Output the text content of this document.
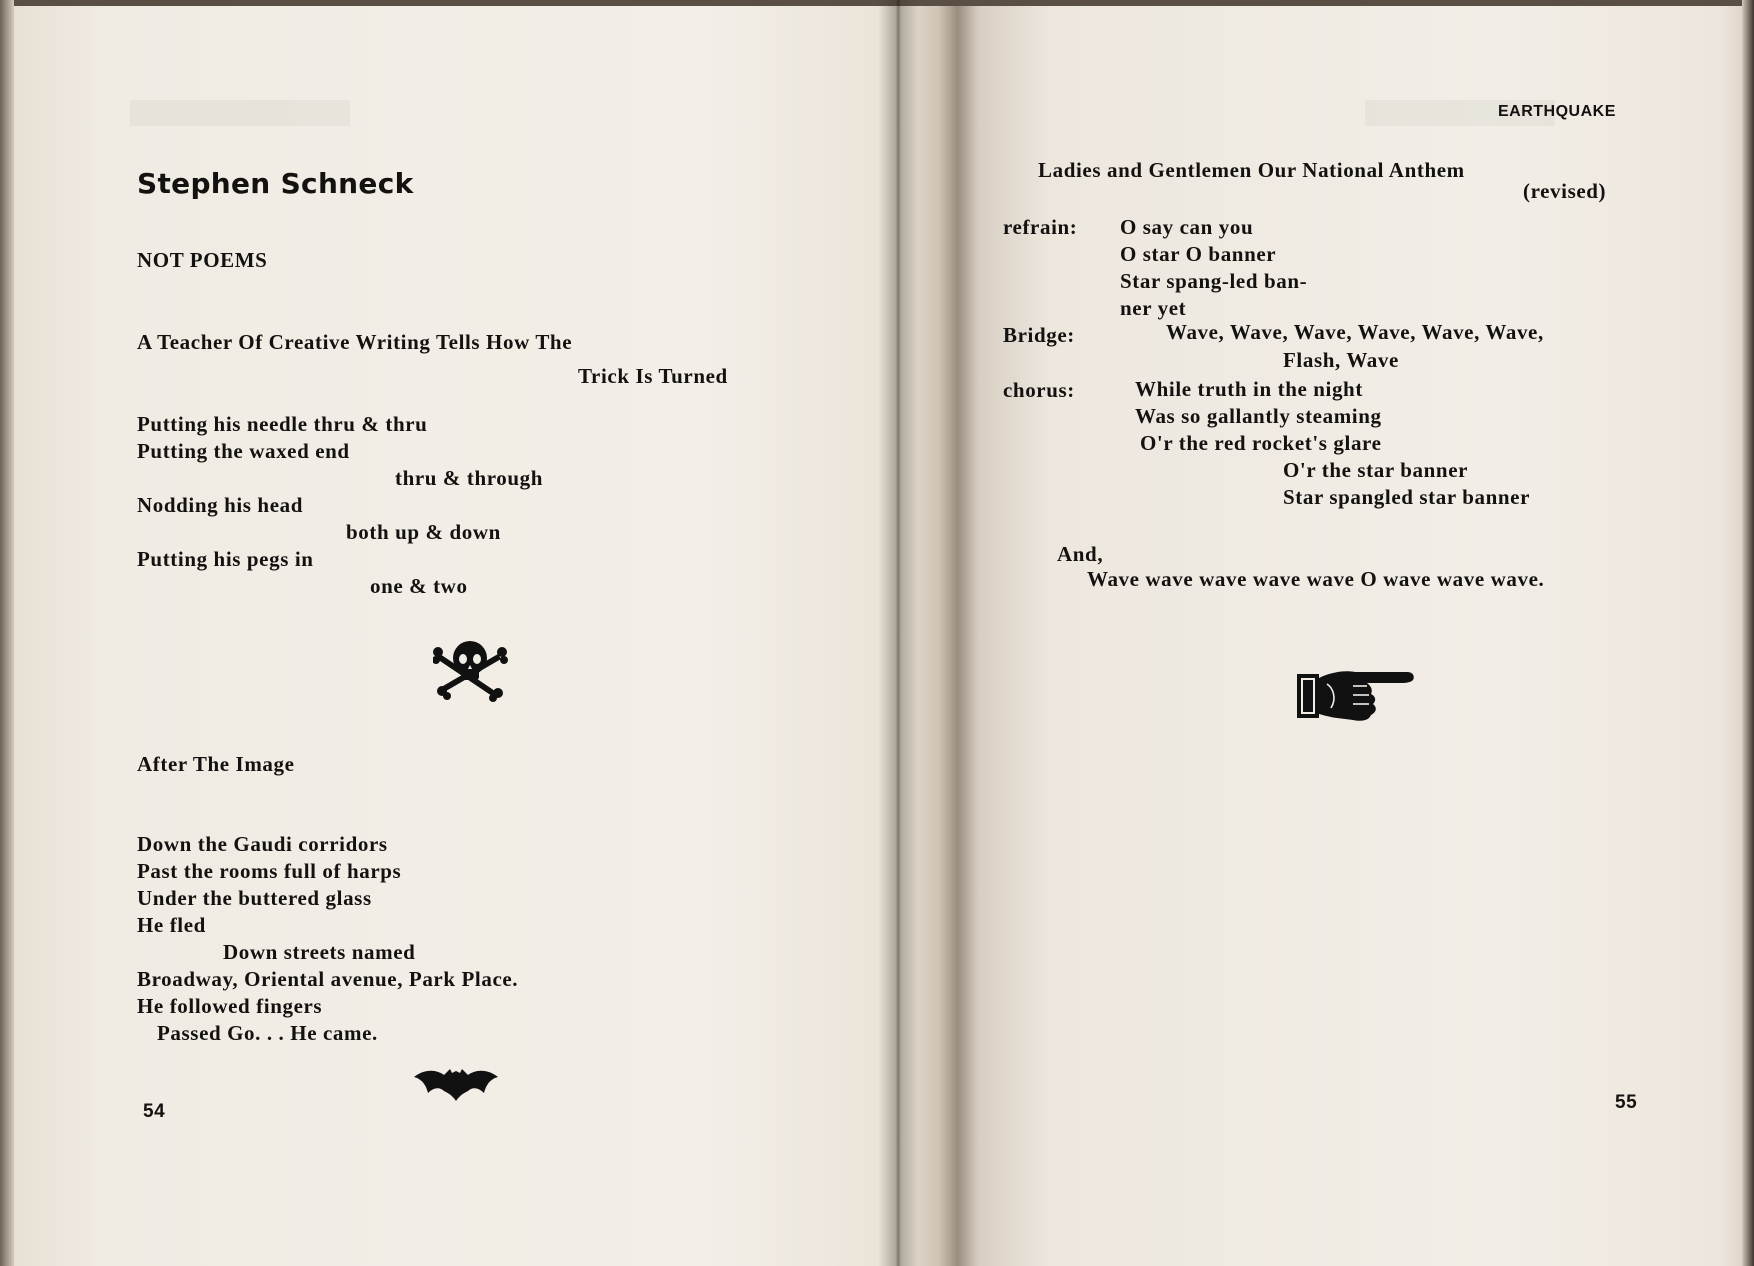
Stephen Schneck
NOT POEMS
A Teacher Of Creative Writing Tells How The
Trick Is Turned
Putting his needle thru & thru
Putting the waxed end
thru & through
Nodding his head
both up & down
Putting his pegs in
one & two
After The Image
Down the Gaudi corridors
Past the rooms full of harps
Under the buttered glass
He fled
Down streets named
Broadway, Oriental avenue, Park Place.
He followed fingers
Passed Go. . . He came.
54
EARTHQUAKE
Ladies and Gentlemen Our National Anthem
(revised)
refrain: O say can you
O star O banner
Star spang-led ban-
ner yet
Bridge:	Wave, Wave, Wave, Wave, Wave, Wave,
Flash, Wave
chorus:	While truth in the night
Was so gallantly steaming
O'r the red rocket's glare
O'r the star banner
Star spangled star banner
And,
Wave wave wave wave wave O wave wave wave.
55
